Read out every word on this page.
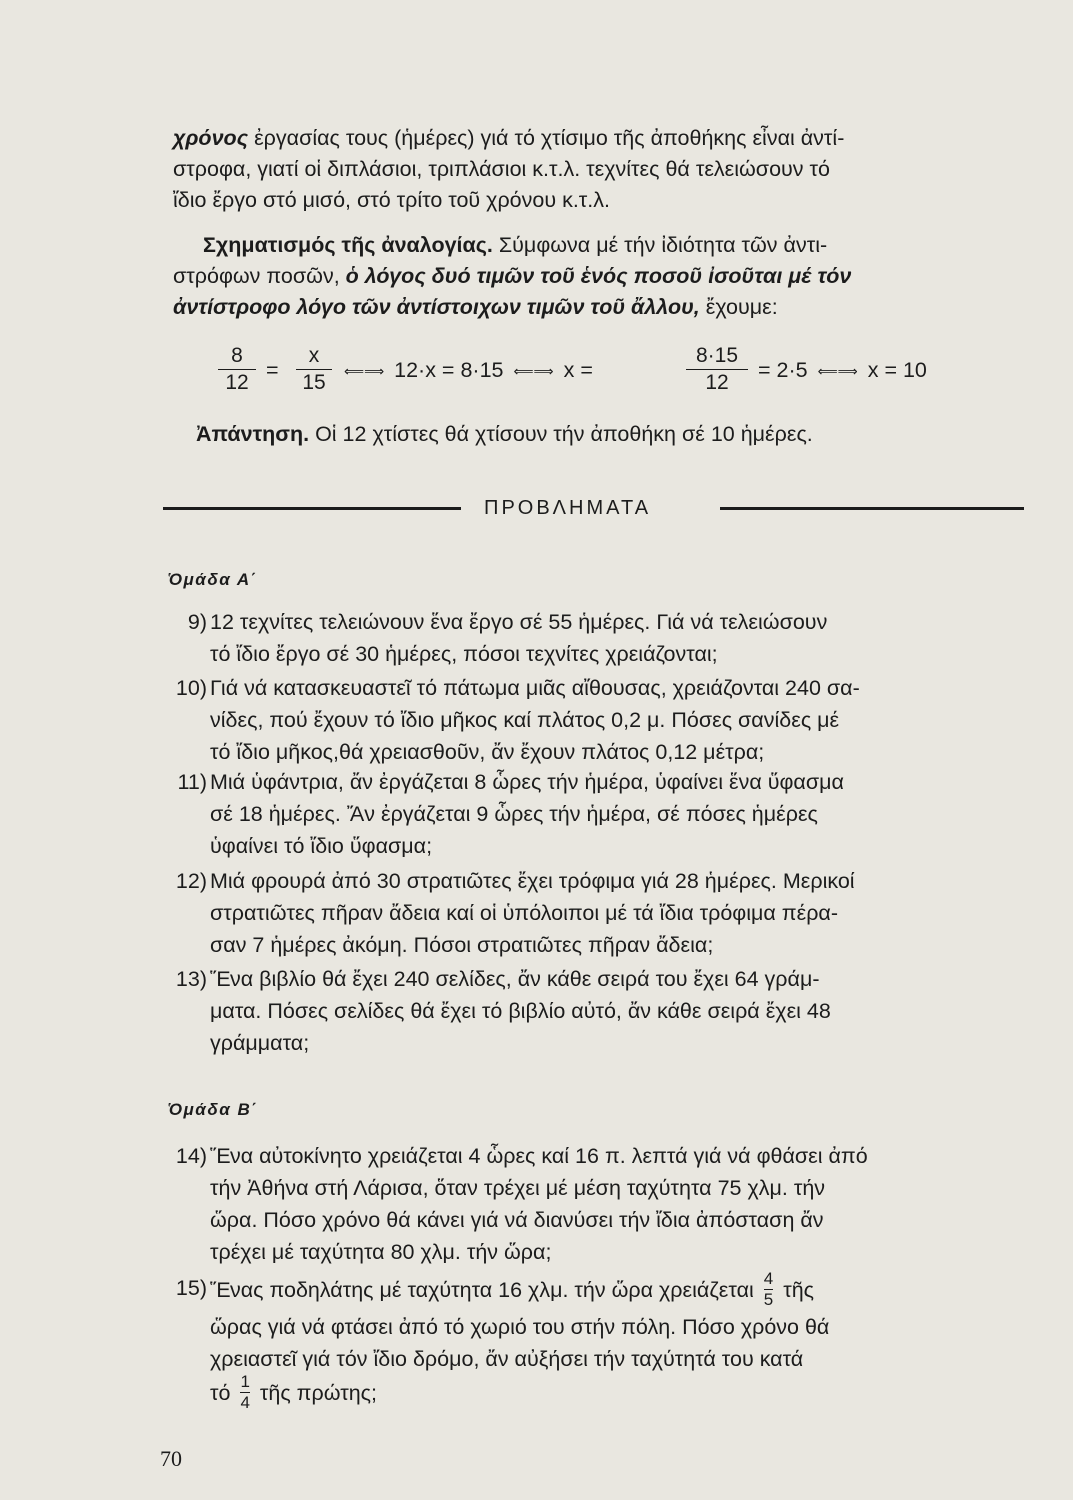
χρόνος ἐργασίας τους (ἡμέρες) γιά τό χτίσιμο τῆς ἀποθήκης εἶναι ἀντί-
στροφα, γιατί οἱ διπλάσιοι, τριπλάσιοι κ.τ.λ. τεχνίτες θά τελειώσουν τό
ἴδιο ἔργο στό μισό, στό τρίτο τοῦ χρόνου κ.τ.λ.
Σχηματισμός τῆς ἀναλογίας. Σύμφωνα μέ τήν ἰδιότητα τῶν ἀντι-
στρόφων ποσῶν, ὁ λόγος δυό τιμῶν τοῦ ἑνός ποσοῦ ἰσοῦται μέ τόν
ἀντίστροφο λόγο τῶν ἀντίστοιχων τιμῶν τοῦ ἄλλου, ἔχουμε:
8
12
=
x
15
⟸⟹ 12·x = 8·15 ⟸⟹ x =
8·15
12
= 2·5 ⟸⟹ x = 10
Ἀπάντηση. Οἱ 12 χτίστες θά χτίσουν τήν ἀποθήκη σέ 10 ἡμέρες.
ΠΡΟΒΛΗΜΑΤΑ
Ὁμάδα Α΄
9) 12 τεχνίτες τελειώνουν ἕνα ἔργο σέ 55 ἡμέρες. Γιά νά τελειώσουν
τό ἴδιο ἔργο σέ 30 ἡμέρες, πόσοι τεχνίτες χρειάζονται;
10) Γιά νά κατασκευαστεῖ τό πάτωμα μιᾶς αἴθουσας, χρειάζονται 240 σα-
νίδες, πού ἔχουν τό ἴδιο μῆκος καί πλάτος 0,2 μ. Πόσες σανίδες μέ
τό ἴδιο μῆκος,θά χρειασθοῦν, ἄν ἔχουν πλάτος 0,12 μέτρα;
11) Μιά ὑφάντρια, ἄν ἐργάζεται 8 ὧρες τήν ἡμέρα, ὑφαίνει ἕνα ὕφασμα
σέ 18 ἡμέρες. Ἄν ἐργάζεται 9 ὧρες τήν ἡμέρα, σέ πόσες ἡμέρες
ὑφαίνει τό ἴδιο ὕφασμα;
12) Μιά φρουρά ἀπό 30 στρατιῶτες ἔχει τρόφιμα γιά 28 ἡμέρες. Μερικοί
στρατιῶτες πῆραν ἄδεια καί οἱ ὑπόλοιποι μέ τά ἴδια τρόφιμα πέρα-
σαν 7 ἡμέρες ἀκόμη. Πόσοι στρατιῶτες πῆραν ἄδεια;
13) Ἕνα βιβλίο θά ἔχει 240 σελίδες, ἄν κάθε σειρά του ἔχει 64 γράμ-
ματα. Πόσες σελίδες θά ἔχει τό βιβλίο αὐτό, ἄν κάθε σειρά ἔχει 48
γράμματα;
Ὁμάδα Β΄
14) Ἕνα αὐτοκίνητο χρειάζεται 4 ὧρες καί 16 π. λεπτά γιά νά φθάσει ἀπό
τήν Ἀθήνα στή Λάρισα, ὅταν τρέχει μέ μέση ταχύτητα 75 χλμ. τήν
ὥρα. Πόσο χρόνο θά κάνει γιά νά διανύσει τήν ἴδια ἀπόσταση ἄν
τρέχει μέ ταχύτητα 80 χλμ. τήν ὥρα;
15) Ἕνας ποδηλάτης μέ ταχύτητα 16 χλμ. τήν ὥρα χρειάζεται $\frac{4}{5}$ τῆς
ὥρας γιά νά φτάσει ἀπό τό χωριό του στήν πόλη. Πόσο χρόνο θά
χρειαστεῖ γιά τόν ἴδιο δρόμο, ἄν αὐξήσει τήν ταχύτητά του κατά
τό $\frac{1}{4}$ τῆς πρώτης;
70
